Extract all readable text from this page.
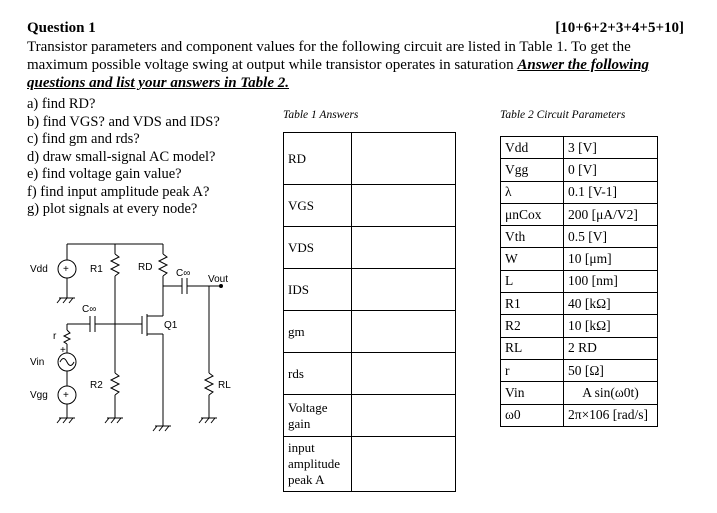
Question 1	[10+6+2+3+4+5+10]
Transistor parameters and component values for the following circuit are listed in Table 1. To get the maximum possible voltage swing at output while transistor operates in saturation Answer the following questions and list your answers in Table 2.
a) find RD?
b) find VGS? and VDS and IDS?
c) find gm and rds?
d) draw small-signal AC model?
e) find voltage gain value?
f) find input amplitude peak A?
g) plot signals at every node?
Table 1 Answers
RD	
VGS	
VDS	
IDS	
gm	
rds	
Voltage gain	
input amplitude peak A	
Table 2 Circuit Parameters
Vdd	3 [V]
Vgg	0 [V]
λ	0.1 [V-1]
μnCox	200 [μA/V2]
Vth	0.5 [V]
W	10 [μm]
L	100 [nm]
R1	40 [kΩ]
R2	10 [kΩ]
RL	2 RD
r	50 [Ω]
Vin	A sin(ω0t)
ω0	2π×106 [rad/s]
+
+
+
Vdd	R1	RD
C∞
Vout
C∞
Q1
r
Vin
R2	RL
Vgg
